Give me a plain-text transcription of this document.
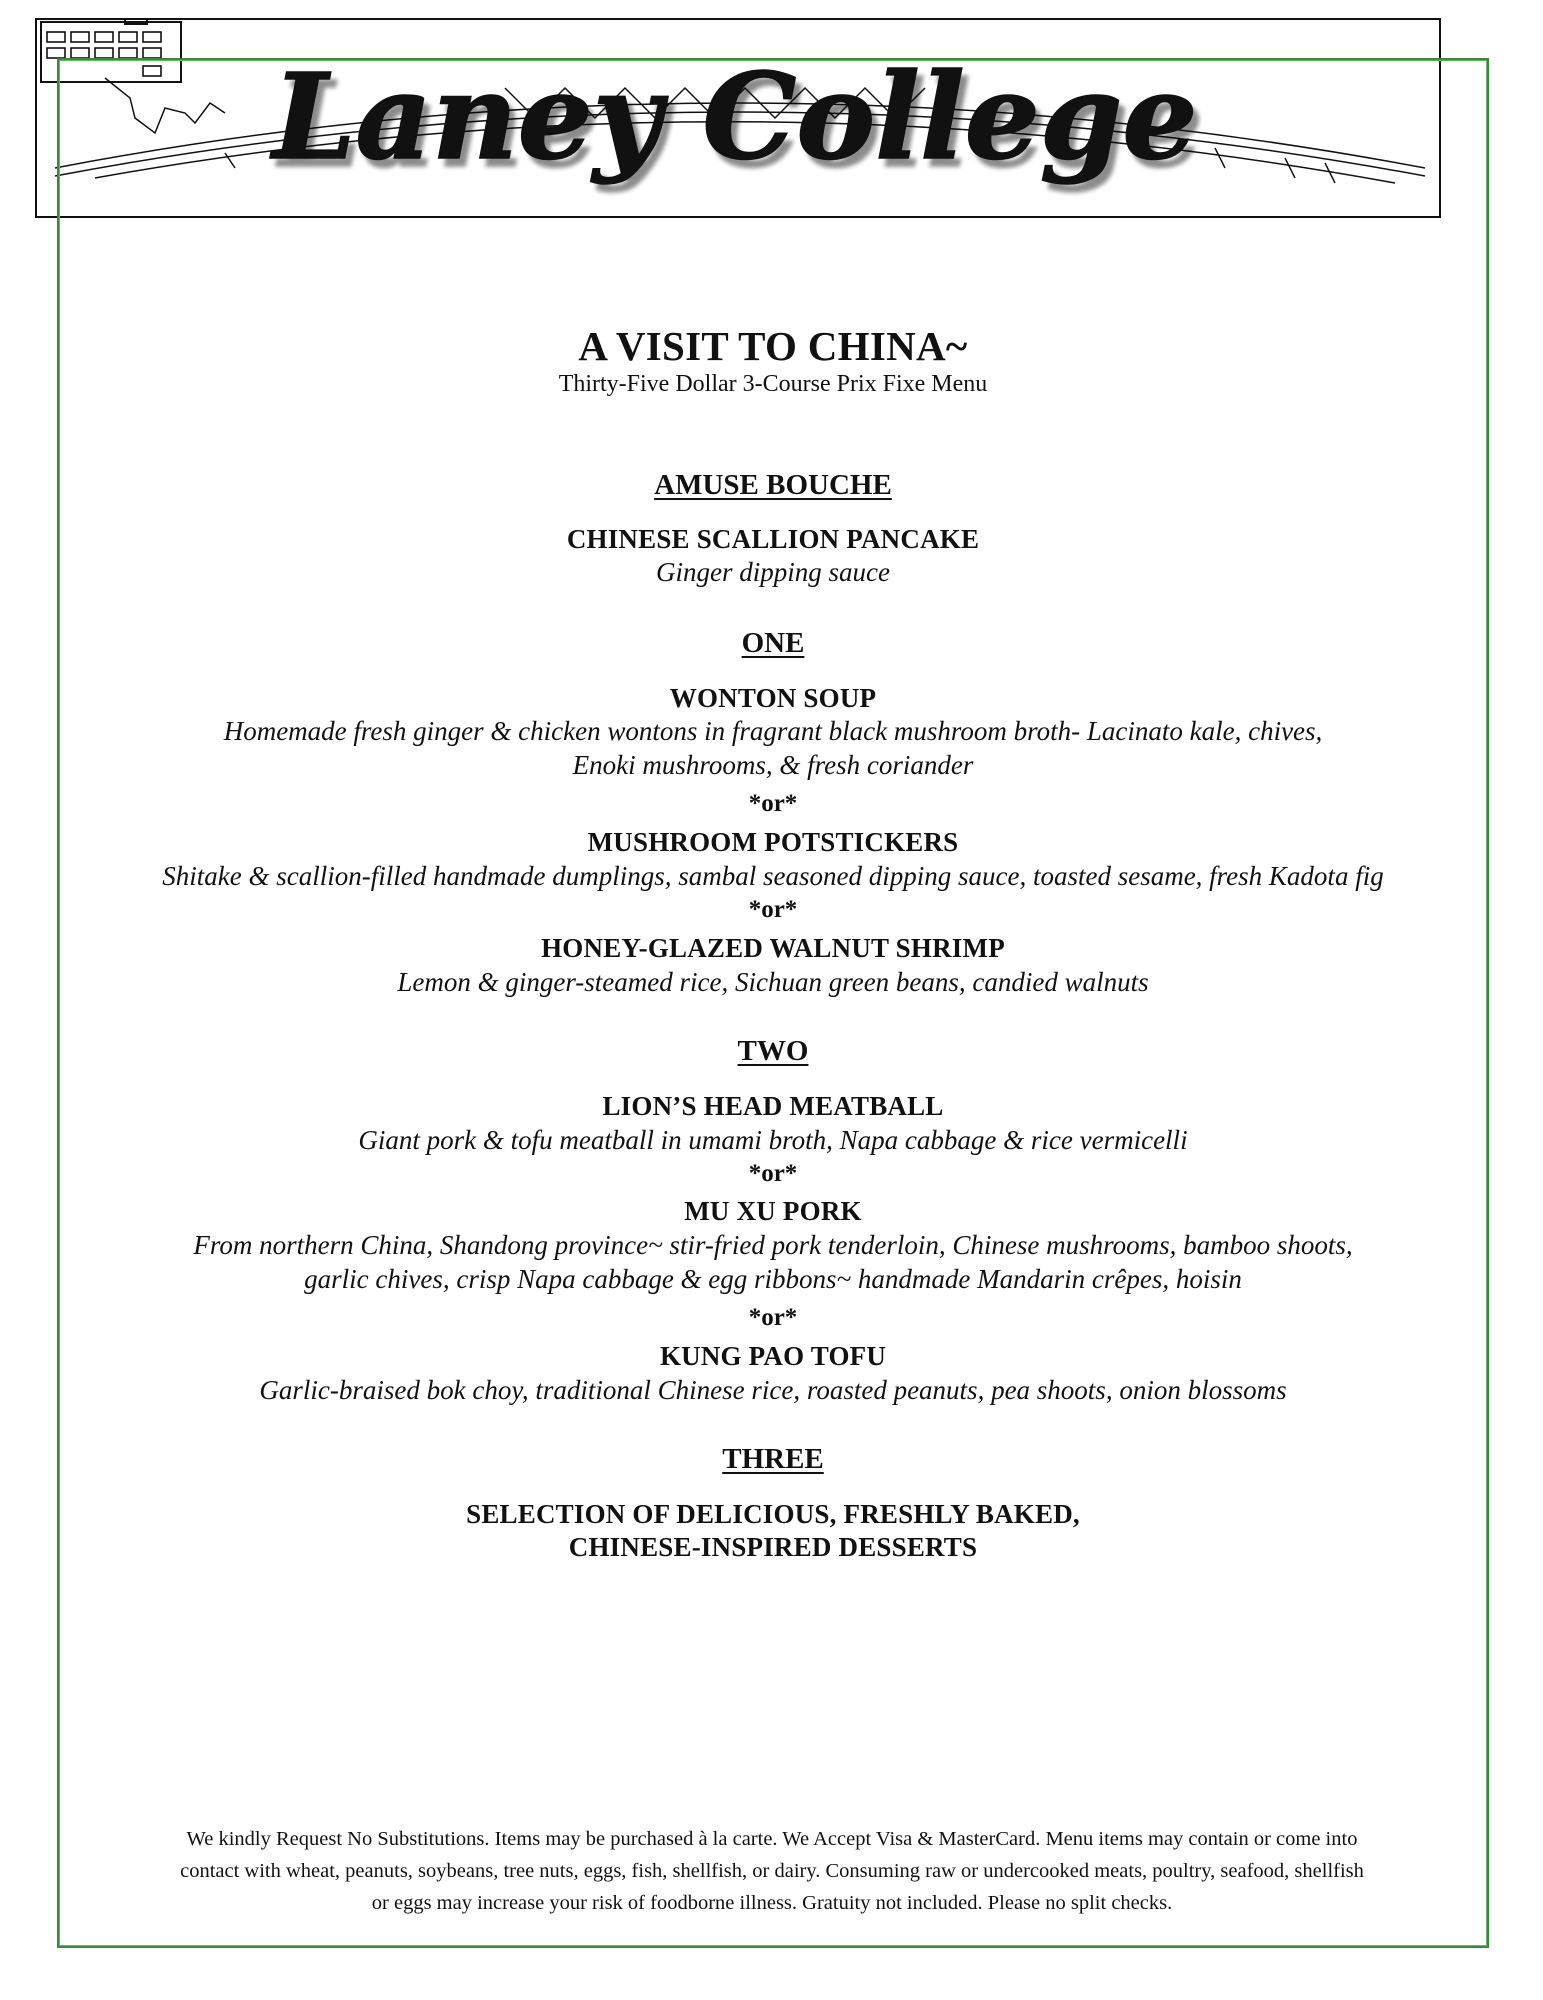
Laney College
A VISIT TO CHINA~
Thirty-Five Dollar 3-Course Prix Fixe Menu
AMUSE BOUCHE
CHINESE SCALLION PANCAKE
Ginger dipping sauce
ONE
WONTON SOUP
Homemade fresh ginger & chicken wontons in fragrant black mushroom broth- Lacinato kale, chives,
Enoki mushrooms, & fresh coriander
*or*
MUSHROOM POTSTICKERS
Shitake & scallion-filled handmade dumplings, sambal seasoned dipping sauce, toasted sesame, fresh Kadota fig
*or*
HONEY-GLAZED WALNUT SHRIMP
Lemon & ginger-steamed rice, Sichuan green beans, candied walnuts
TWO
LION’S HEAD MEATBALL
Giant pork & tofu meatball in umami broth, Napa cabbage & rice vermicelli
*or*
MU XU PORK
From northern China, Shandong province~ stir-fried pork tenderloin, Chinese mushrooms, bamboo shoots,
garlic chives, crisp Napa cabbage & egg ribbons~ handmade Mandarin crêpes, hoisin
*or*
KUNG PAO TOFU
Garlic-braised bok choy, traditional Chinese rice, roasted peanuts, pea shoots, onion blossoms
THREE
SELECTION OF DELICIOUS, FRESHLY BAKED,
CHINESE-INSPIRED DESSERTS
We kindly Request No Substitutions. Items may be purchased à la carte. We Accept Visa & MasterCard. Menu items may contain or come into
contact with wheat, peanuts, soybeans, tree nuts, eggs, fish, shellfish, or dairy. Consuming raw or undercooked meats, poultry, seafood, shellfish
or eggs may increase your risk of foodborne illness. Gratuity not included. Please no split checks.
